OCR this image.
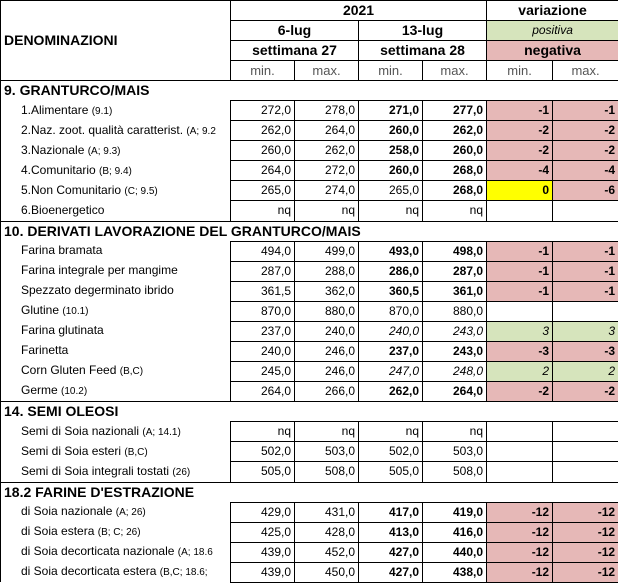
DENOMINAZIONI	2021				variazione	
	6-lug		13-lug		positiva	
	settimana 27		settimana 28		negativa	
	min.	max.	min.	max.	min.	max.
9. GRANTURCO/MAIS						
1.Alimentare (9.1)	272,0	278,0	271,0	277,0	-1	-1
2.Naz. zoot. qualità caratterist. (A; 9.2	262,0	264,0	260,0	262,0	-2	-2
3.Nazionale (A; 9.3)	260,0	262,0	258,0	260,0	-2	-2
4.Comunitario (B; 9.4)	264,0	272,0	260,0	268,0	-4	-4
5.Non Comunitario (C; 9.5)	265,0	274,0	265,0	268,0	0	-6
6.Bioenergetico	nq	nq	nq	nq		
10. DERIVATI LAVORAZIONE DEL GRANTURCO/MAIS						
Farina bramata	494,0	499,0	493,0	498,0	-1	-1
Farina integrale per mangime	287,0	288,0	286,0	287,0	-1	-1
Spezzato degerminato ibrido	361,5	362,0	360,5	361,0	-1	-1
Glutine (10.1)	870,0	880,0	870,0	880,0		
Farina glutinata	237,0	240,0	240,0	243,0	3	3
Farinetta	240,0	246,0	237,0	243,0	-3	-3
Corn Gluten Feed (B,C)	245,0	246,0	247,0	248,0	2	2
Germe (10.2)	264,0	266,0	262,0	264,0	-2	-2
14. SEMI OLEOSI						
Semi di Soia nazionali (A; 14.1)	nq	nq	nq	nq		
Semi di Soia esteri (B,C)	502,0	503,0	502,0	503,0		
Semi di Soia integrali tostati (26)	505,0	508,0	505,0	508,0		
18.2 FARINE D'ESTRAZIONE						
di Soia nazionale (A; 26)	429,0	431,0	417,0	419,0	-12	-12
di Soia estera (B; C; 26)	425,0	428,0	413,0	416,0	-12	-12
di Soia decorticata nazionale (A; 18.6	439,0	452,0	427,0	440,0	-12	-12
di Soia decorticata estera (B,C; 18.6;	439,0	450,0	427,0	438,0	-12	-12
